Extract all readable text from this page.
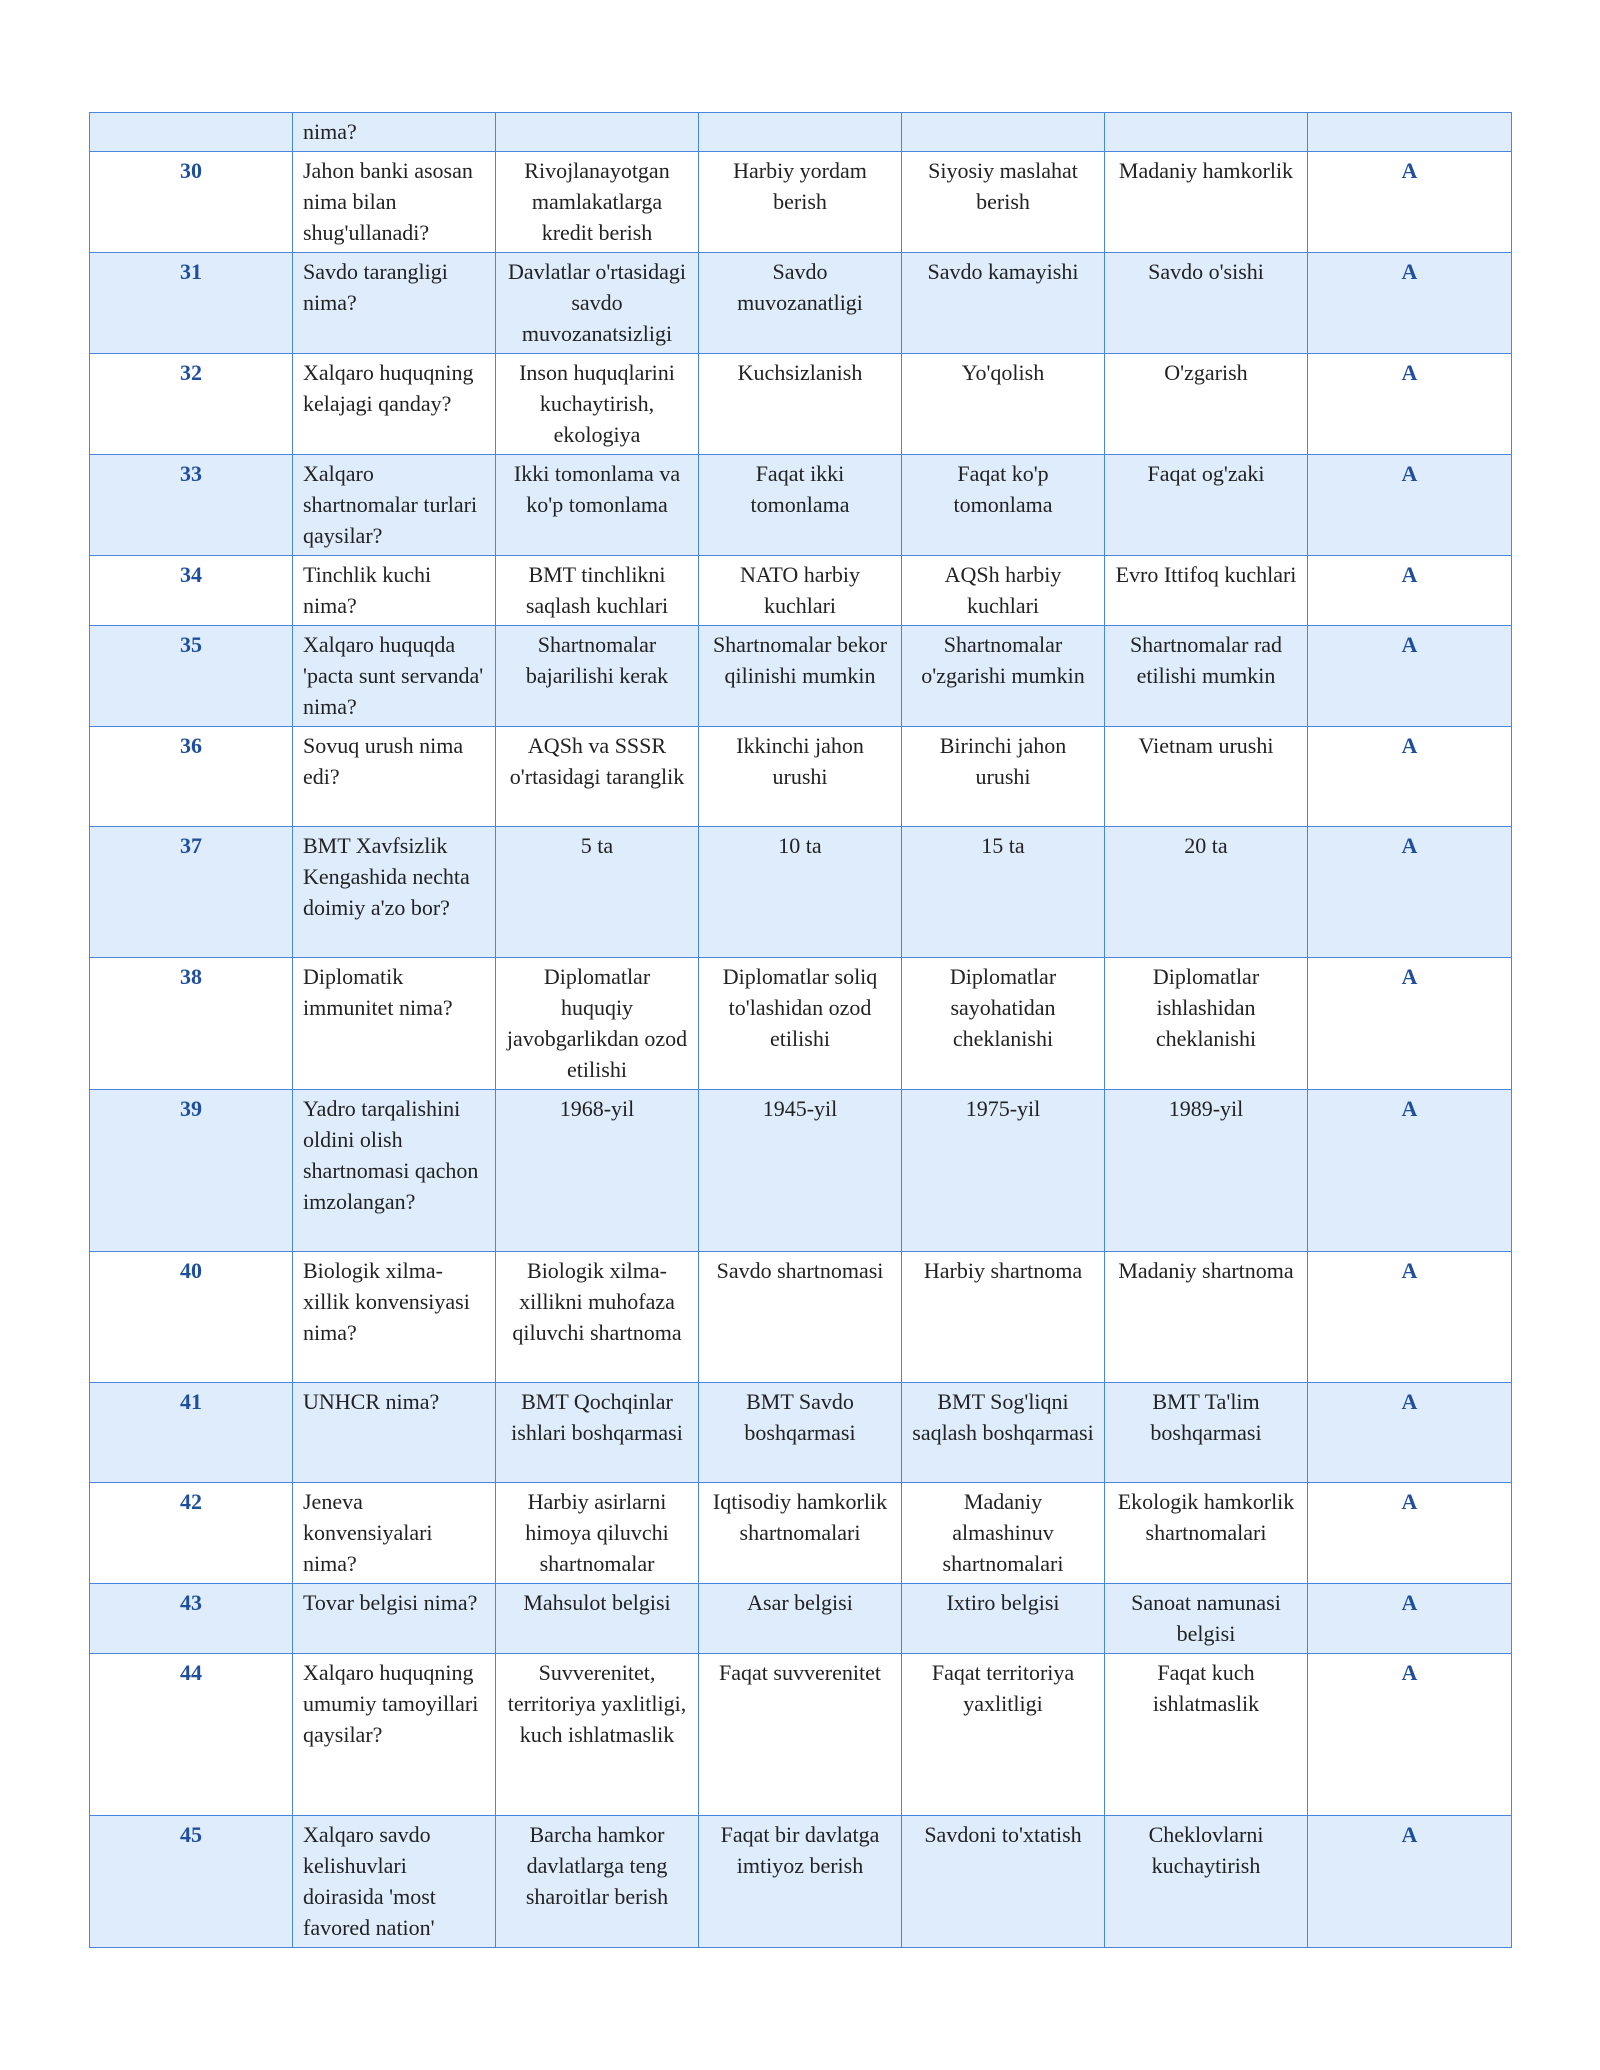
	nima?					
30	Jahon banki asosan nima bilan shug'ullanadi?	Rivojlanayotgan mamlakatlarga kredit berish	Harbiy yordam berish	Siyosiy maslahat berish	Madaniy hamkorlik	A
31	Savdo tarangligi nima?	Davlatlar o'rtasidagi savdo muvozanatsizligi	Savdo muvozanatligi	Savdo kamayishi	Savdo o'sishi	A
32	Xalqaro huquqning kelajagi qanday?	Inson huquqlarini kuchaytirish, ekologiya	Kuchsizlanish	Yo'qolish	O'zgarish	A
33	Xalqaro shartnomalar turlari qaysilar?	Ikki tomonlama va ko'p tomonlama	Faqat ikki tomonlama	Faqat ko'p tomonlama	Faqat og'zaki	A
34	Tinchlik kuchi nima?	BMT tinchlikni saqlash kuchlari	NATO harbiy kuchlari	AQSh harbiy kuchlari	Evro Ittifoq kuchlari	A
35	Xalqaro huquqda 'pacta sunt servanda' nima?	Shartnomalar bajarilishi kerak	Shartnomalar bekor qilinishi mumkin	Shartnomalar o'zgarishi mumkin	Shartnomalar rad etilishi mumkin	A
36	Sovuq urush nima edi?	AQSh va SSSR o'rtasidagi taranglik	Ikkinchi jahon urushi	Birinchi jahon urushi	Vietnam urushi	A
37	BMT Xavfsizlik Kengashida nechta doimiy a'zo bor?	5 ta	10 ta	15 ta	20 ta	A
38	Diplomatik immunitet nima?	Diplomatlar huquqiy javobgarlikdan ozod etilishi	Diplomatlar soliq to'lashidan ozod etilishi	Diplomatlar sayohatidan cheklanishi	Diplomatlar ishlashidan cheklanishi	A
39	Yadro tarqalishini oldini olish shartnomasi qachon imzolangan?	1968-yil	1945-yil	1975-yil	1989-yil	A
40	Biologik xilma-xillik konvensiyasi nima?	Biologik xilma-xillikni muhofaza qiluvchi shartnoma	Savdo shartnomasi	Harbiy shartnoma	Madaniy shartnoma	A
41	UNHCR nima?	BMT Qochqinlar ishlari boshqarmasi	BMT Savdo boshqarmasi	BMT Sog'liqni saqlash boshqarmasi	BMT Ta'lim boshqarmasi	A
42	Jeneva konvensiyalari nima?	Harbiy asirlarni himoya qiluvchi shartnomalar	Iqtisodiy hamkorlik shartnomalari	Madaniy almashinuv shartnomalari	Ekologik hamkorlik shartnomalari	A
43	Tovar belgisi nima?	Mahsulot belgisi	Asar belgisi	Ixtiro belgisi	Sanoat namunasi belgisi	A
44	Xalqaro huquqning umumiy tamoyillari qaysilar?	Suvverenitet, territoriya yaxlitligi, kuch ishlatmaslik	Faqat suvverenitet	Faqat territoriya yaxlitligi	Faqat kuch ishlatmaslik	A
45	Xalqaro savdo kelishuvlari doirasida 'most favored nation'	Barcha hamkor davlatlarga teng sharoitlar berish	Faqat bir davlatga imtiyoz berish	Savdoni to'xtatish	Cheklovlarni kuchaytirish	A
